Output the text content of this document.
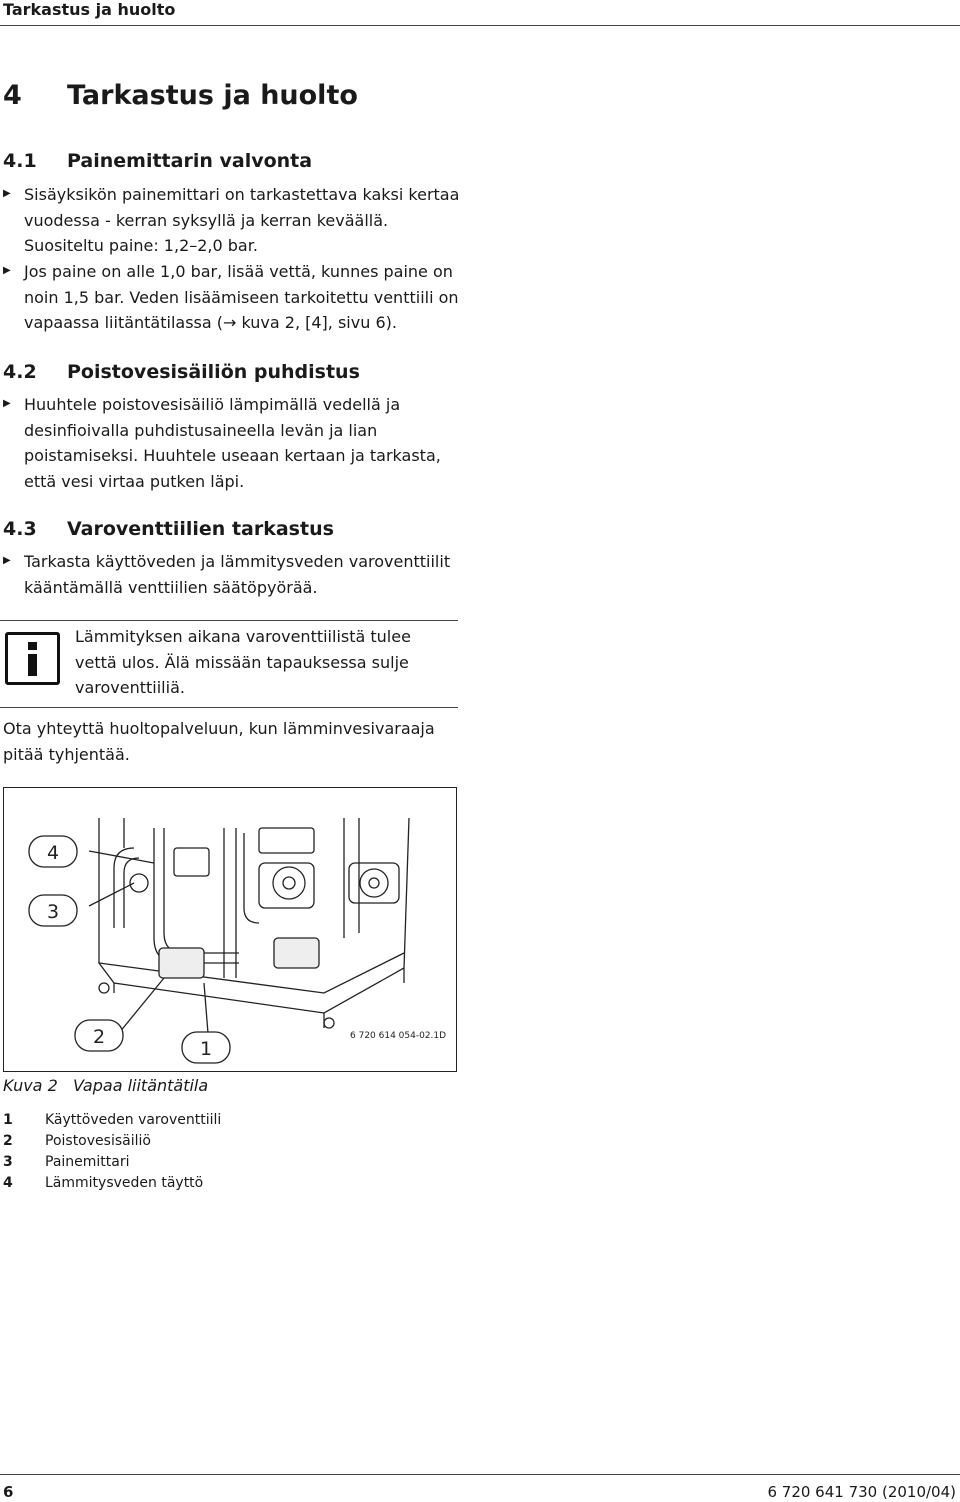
Tarkastus ja huolto
4 Tarkastus ja huolto
4.1 Painemittarin valvonta
▶ Sisäyksikön painemittari on tarkastettava kaksi kertaa
vuodessa - kerran syksyllä ja kerran keväällä.
Suositeltu paine: 1,2–2,0 bar.
▶ Jos paine on alle 1,0 bar, lisää vettä, kunnes paine on
noin 1,5 bar. Veden lisäämiseen tarkoitettu venttiili on
vapaassa liitäntätilassa (→ kuva 2, [4], sivu 6).
4.2 Poistovesisäiliön puhdistus
▶ Huuhtele poistovesisäiliö lämpimällä vedellä ja
desinfioivalla puhdistusaineella levän ja lian
poistamiseksi. Huuhtele useaan kertaan ja tarkasta,
että vesi virtaa putken läpi.
4.3 Varoventtiilien tarkastus
▶ Tarkasta käyttöveden ja lämmitysveden varoventtiilit
kääntämällä venttiilien säätöpyörää.
Lämmityksen aikana varoventtiilistä tulee
vettä ulos. Älä missään tapauksessa sulje
varoventtiiliä.
Ota yhteyttä huoltopalveluun, kun lämminvesivaraaja
pitää tyhjentää.
4
3
2
1
6 720 614 054-02.1D
Kuva 2 Vapaa liitäntätila
1 Käyttöveden varoventtiili
2 Poistovesisäiliö
3 Painemittari
4 Lämmitysveden täyttö
6	6 720 641 730 (2010/04)
